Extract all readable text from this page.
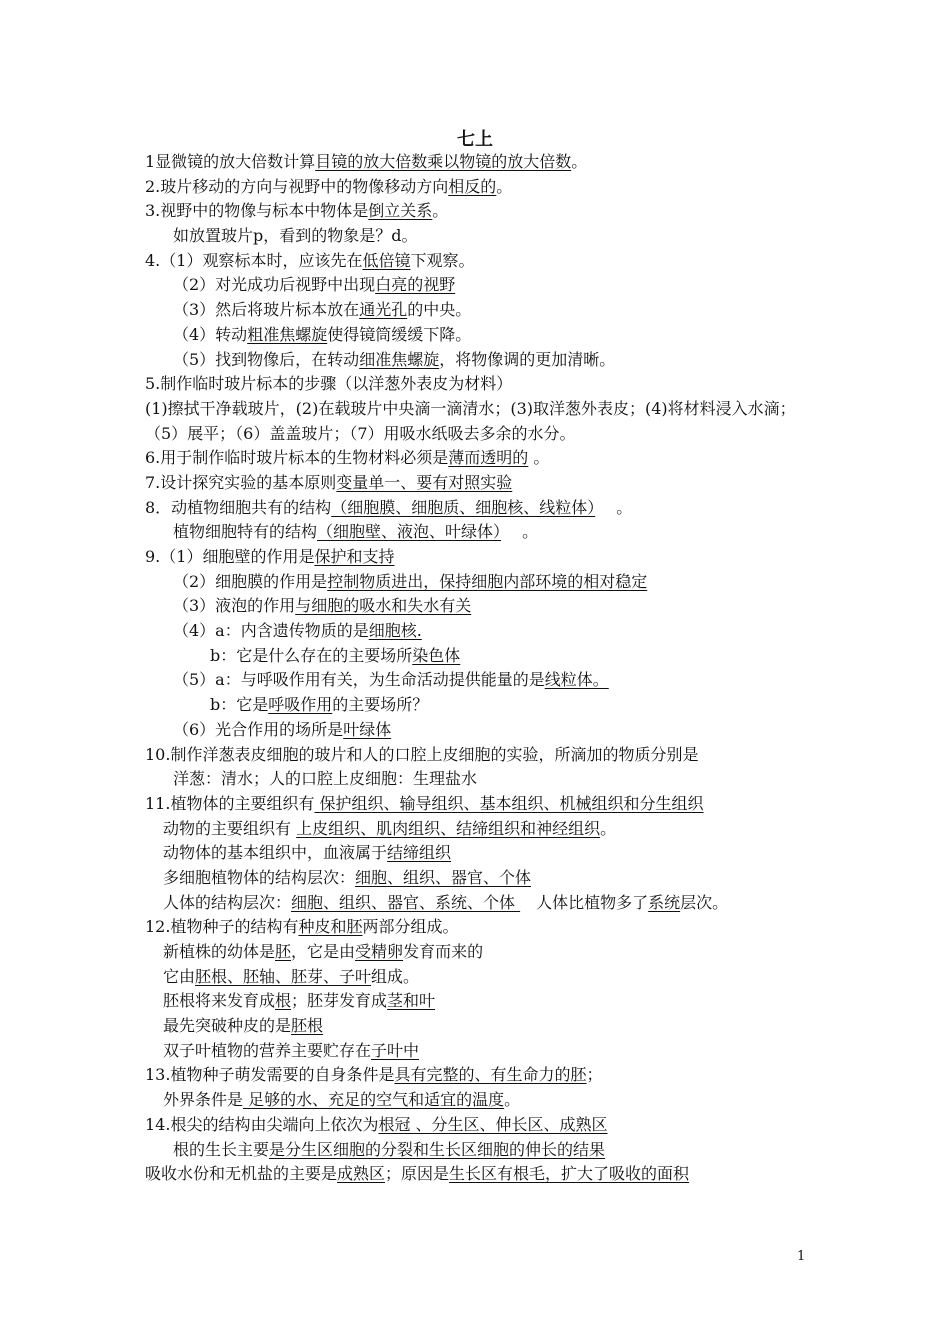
七上
1显微镜的放大倍数计算目镜的放大倍数乘以物镜的放大倍数。
2.玻片移动的方向与视野中的物像移动方向相反的。
3.视野中的物像与标本中物体是倒立关系。
如放置玻片p，看到的物象是？d。
4.（1）观察标本时，应该先在低倍镜下观察。
（2）对光成功后视野中出现白亮的视野
（3）然后将玻片标本放在通光孔的中央。
（4）转动粗准焦螺旋使得镜筒缓缓下降。
（5）找到物像后，在转动细准焦螺旋，将物像调的更加清晰。
5.制作临时玻片标本的步骤（以洋葱外表皮为材料）
(1)擦拭干净载玻片，(2)在载玻片中央滴一滴清水；(3)取洋葱外表皮；(4)将材料浸入水滴；（5）展平；（6）盖盖玻片；（7）用吸水纸吸去多余的水分。
6.用于制作临时玻片标本的生物材料必须是薄而透明的 。
7.设计探究实验的基本原则变量单一、要有对照实验
8．动植物细胞共有的结构（细胞膜、细胞质、细胞核、线粒体）　 。
植物细胞特有的结构（细胞壁、液泡、叶绿体）　 。
9.（1）细胞壁的作用是保护和支持
（2）细胞膜的作用是控制物质进出，保持细胞内部环境的相对稳定
（3）液泡的作用与细胞的吸水和失水有关
（4）a：内含遗传物质的是细胞核.
b：它是什么存在的主要场所染色体
（5）a：与呼吸作用有关，为生命活动提供能量的是线粒体。
b：它是呼吸作用的主要场所？
（6）光合作用的场所是叶绿体
10.制作洋葱表皮细胞的玻片和人的口腔上皮细胞的实验，所滴加的物质分别是
洋葱：清水；人的口腔上皮细胞：生理盐水
11.植物体的主要组织有 保护组织、输导组织、基本组织、机械组织和分生组织
动物的主要组织有 上皮组织、肌肉组织、结缔组织和神经组织。
动物体的基本组织中，血液属于结缔组织
多细胞植物体的结构层次：细胞、组织、器官、个体
人体的结构层次：细胞、组织、器官、系统、个体 　人体比植物多了系统层次。
12.植物种子的结构有种皮和胚两部分组成。
新植株的幼体是胚，它是由受精卵发育而来的
它由胚根、胚轴、胚芽、子叶组成。
胚根将来发育成根；胚芽发育成茎和叶
最先突破种皮的是胚根
双子叶植物的营养主要贮存在子叶中
13.植物种子萌发需要的自身条件是具有完整的、有生命力的胚；
外界条件是 足够的水、充足的空气和适宜的温度。
14.根尖的结构由尖端向上依次为根冠 、分生区、伸长区、成熟区
根的生长主要是分生区细胞的分裂和生长区细胞的伸长的结果
吸收水份和无机盐的主要是成熟区；原因是生长区有根毛，扩大了吸收的面积
1
